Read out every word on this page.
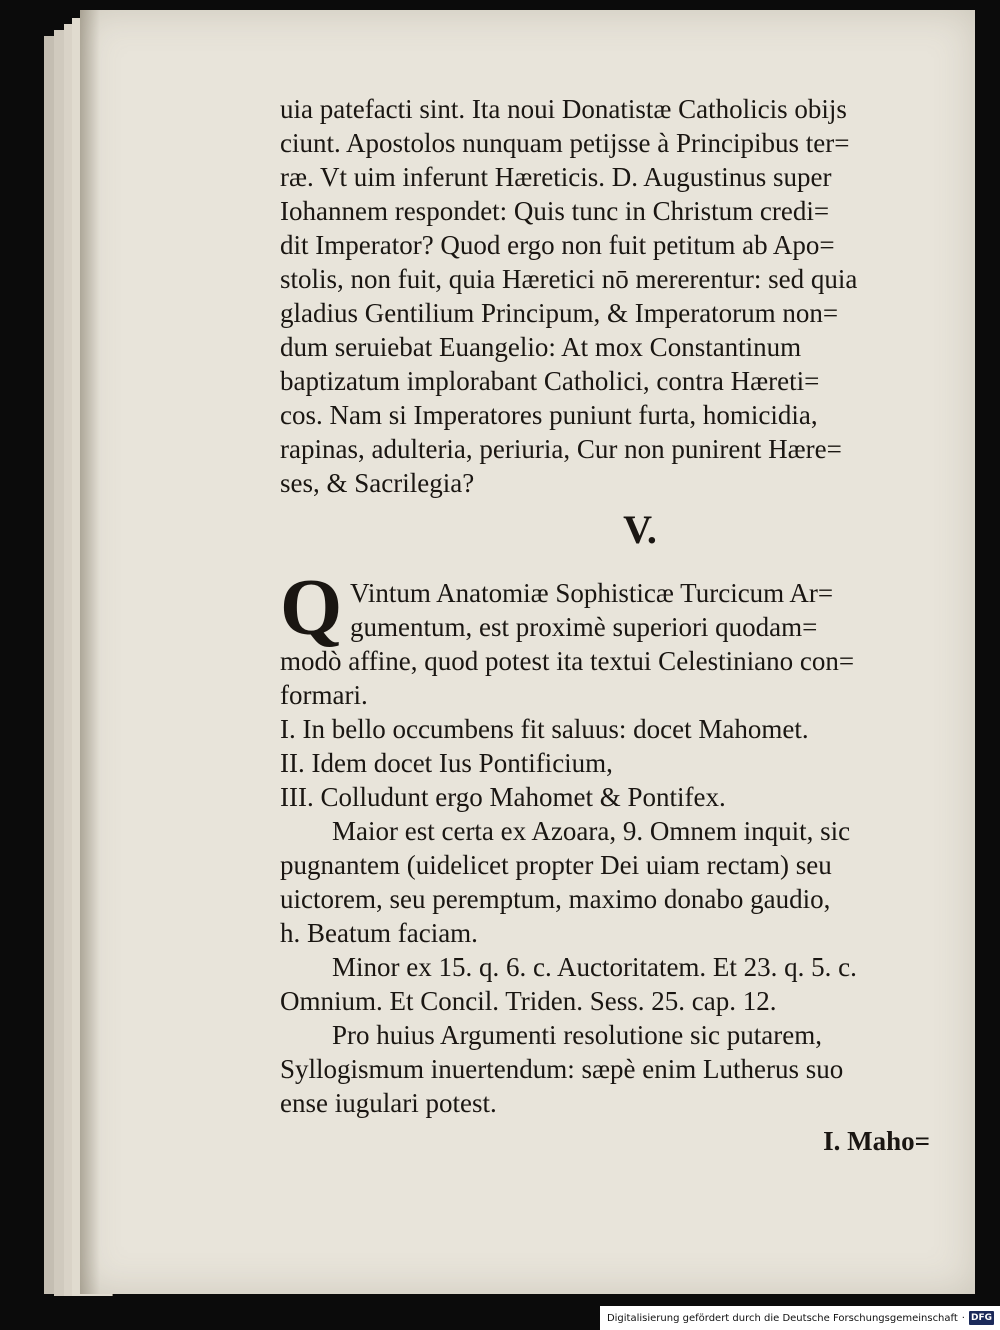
uia patefacti sint. Ita noui Donatistæ Catholicis obijs
ciunt. Apostolos nunquam petijsse à Principibus ter=
ræ. Vt uim inferunt Hæreticis. D. Augustinus super
Iohannem respondet: Quis tunc in Christum credi=
dit Imperator? Quod ergo non fuit petitum ab Apo=
stolis, non fuit, quia Hæretici nō mererentur: sed quia
gladius Gentilium Principum, & Imperatorum non=
dum seruiebat Euangelio: At mox Constantinum
baptizatum implorabant Catholici, contra Hæreti=
cos. Nam si Imperatores puniunt furta, homicidia,
rapinas, adulteria, periuria, Cur non punirent Hære=
ses, & Sacrilegia?
V.
Q Vintum Anatomiæ Sophisticæ Turcicum Ar=
gumentum, est proximè superiori quodam=
modò affine, quod potest ita textui Celestiniano con=
formari.
I. In bello occumbens fit saluus: docet Mahomet.
II. Idem docet Ius Pontificium,
III. Colludunt ergo Mahomet & Pontifex.
Maior est certa ex Azoara, 9. Omnem inquit, sic
pugnantem (uidelicet propter Dei uiam rectam) seu
uictorem, seu peremptum, maximo donabo gaudio,
h. Beatum faciam.
Minor ex 15. q. 6. c. Auctoritatem. Et 23. q. 5. c.
Omnium. Et Concil. Triden. Sess. 25. cap. 12.
Pro huius Argumenti resolutione sic putarem,
Syllogismum inuertendum: sæpè enim Lutherus suo
ense iugulari potest.
I. Maho=
Digitalisierung gefördert durch die Deutsche Forschungsgemeinschaft · DFG
